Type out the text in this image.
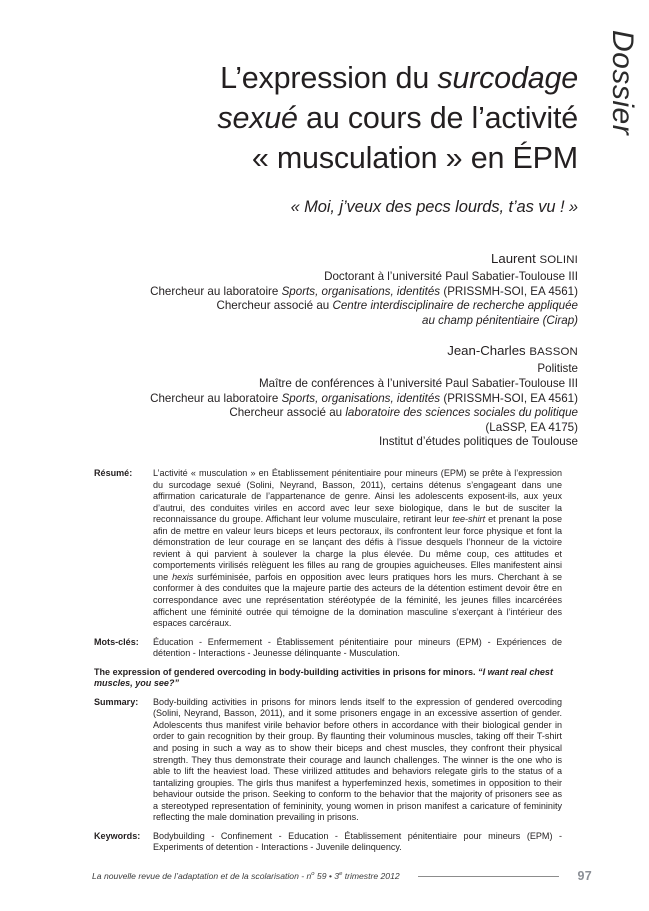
Dossier
L’expression du surcodage
sexué au cours de l’activité
« musculation » en ÉPM
« Moi, j’veux des pecs lourds, t’as vu ! »
Laurent SOLINI
Doctorant à l’université Paul Sabatier-Toulouse III
Chercheur au laboratoire Sports, organisations, identités (PRISSMH-SOI, EA 4561)
Chercheur associé au Centre interdisciplinaire de recherche appliquée
au champ pénitentiaire (Cirap)
Jean-Charles BASSON
Politiste
Maître de conférences à l’université Paul Sabatier-Toulouse III
Chercheur au laboratoire Sports, organisations, identités (PRISSMH-SOI, EA 4561)
Chercheur associé au laboratoire des sciences sociales du politique
(LaSSP, EA 4175)
Institut d’études politiques de Toulouse
Résumé:	L’activité « musculation » en Établissement pénitentiaire pour mineurs (EPM) se prête à l’expression du surcodage sexué (Solini, Neyrand, Basson, 2011), certains détenus s’engageant dans une affirmation caricaturale de l’appartenance de genre. Ainsi les adolescents exposent-ils, aux yeux d’autrui, des conduites viriles en accord avec leur sexe biologique, dans le but de susciter la reconnaissance du groupe. Affichant leur volume musculaire, retirant leur tee-shirt et prenant la pose afin de mettre en valeur leurs biceps et leurs pectoraux, ils confrontent leur force physique et font la démonstration de leur courage en se lançant des défis à l’issue desquels l’honneur de la victoire revient à qui parvient à soulever la charge la plus élevée. Du même coup, ces attitudes et comportements virilisés relèguent les filles au rang de groupies aguicheuses. Elles manifestent ainsi une hexis surféminisée, parfois en opposition avec leurs pratiques hors les murs. Cherchant à se conformer à des conduites que la majeure partie des acteurs de la détention estiment devoir être en correspondance avec une représentation stéréotypée de la féminité, les jeunes filles incarcérées affichent une féminité outrée qui témoigne de la domination masculine s’exerçant à l’intérieur des espaces carcéraux.
Mots-clés:	Éducation - Enfermement - Établissement pénitentiaire pour mineurs (EPM) - Expériences de détention - Interactions - Jeunesse délinquante - Musculation.
The expression of gendered overcoding in body-building activities in prisons for minors. “I want real chest muscles, you see?”
Summary:	Body-building activities in prisons for minors lends itself to the expression of gendered overcoding (Solini, Neyrand, Basson, 2011), and it some prisoners engage in an excessive assertion of gender. Adolescents thus manifest virile behavior before others in accordance with their biological gender in order to gain recognition by their group. By flaunting their voluminous muscles, taking off their T-shirt and posing in such a way as to show their biceps and chest muscles, they confront their physical strength. They thus demonstrate their courage and launch challenges. The winner is the one who is able to lift the heaviest load. These virilized attitudes and behaviors relegate girls to the status of a tantalizing groupies. The girls thus manifest a hyperfeminzed hexis, sometimes in opposition to their behaviour outside the prison. Seeking to conform to the behavior that the majority of prisoners see as a stereotyped representation of femininity, young women in prison manifest a caricature of femininity reflecting the male domination prevailing in prisons.
Keywords:	Bodybuilding - Confinement - Education - Établissement pénitentiaire pour mineurs (EPM) - Experiments of detention - Interactions - Juvenile delinquency.
La nouvelle revue de l’adaptation et de la scolarisation - $n^o$ 59 • 3e trimestre 2012	97
